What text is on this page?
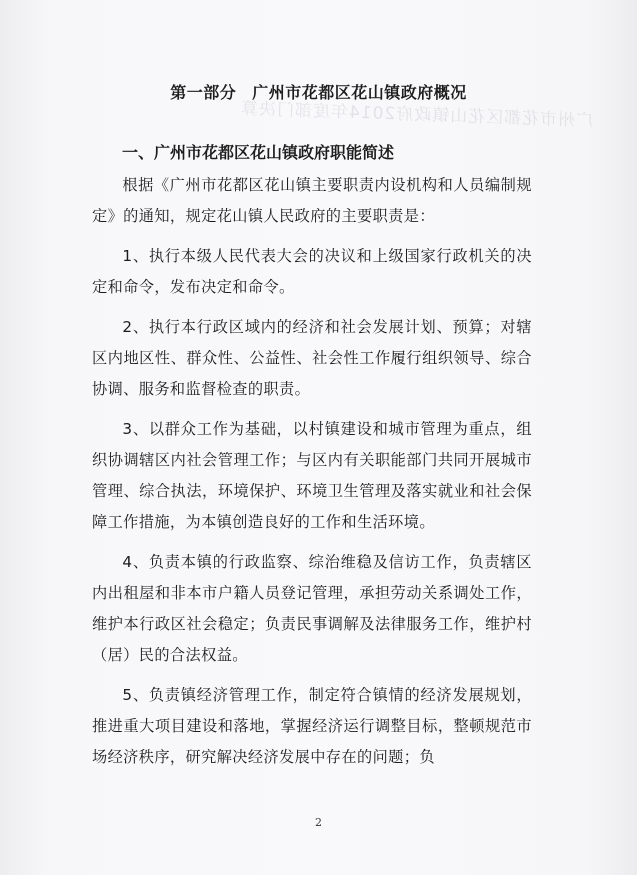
广州市花都区花山镇政府2014年度部门决算
第一部分 广州市花都区花山镇政府概况
一、广州市花都区花山镇政府职能简述

根据《广州市花都区花山镇主要职责内设机构和人员编制规定》的通知，规定花山镇人民政府的主要职责是：

1、执行本级人民代表大会的决议和上级国家行政机关的决定和命令，发布决定和命令。

2、执行本行政区域内的经济和社会发展计划、预算；对辖区内地区性、群众性、公益性、社会性工作履行组织领导、综合协调、服务和监督检查的职责。

3、以群众工作为基础，以村镇建设和城市管理为重点，组织协调辖区内社会管理工作；与区内有关职能部门共同开展城市管理、综合执法，环境保护、环境卫生管理及落实就业和社会保障工作措施，为本镇创造良好的工作和生活环境。

4、负责本镇的行政监察、综治维稳及信访工作，负责辖区内出租屋和非本市户籍人员登记管理，承担劳动关系调处工作，维护本行政区社会稳定；负责民事调解及法律服务工作，维护村（居）民的合法权益。

5、负责镇经济管理工作，制定符合镇情的经济发展规划，推进重大项目建设和落地，掌握经济运行调整目标，整顿规范市场经济秩序，研究解决经济发展中存在的问题；负

2
